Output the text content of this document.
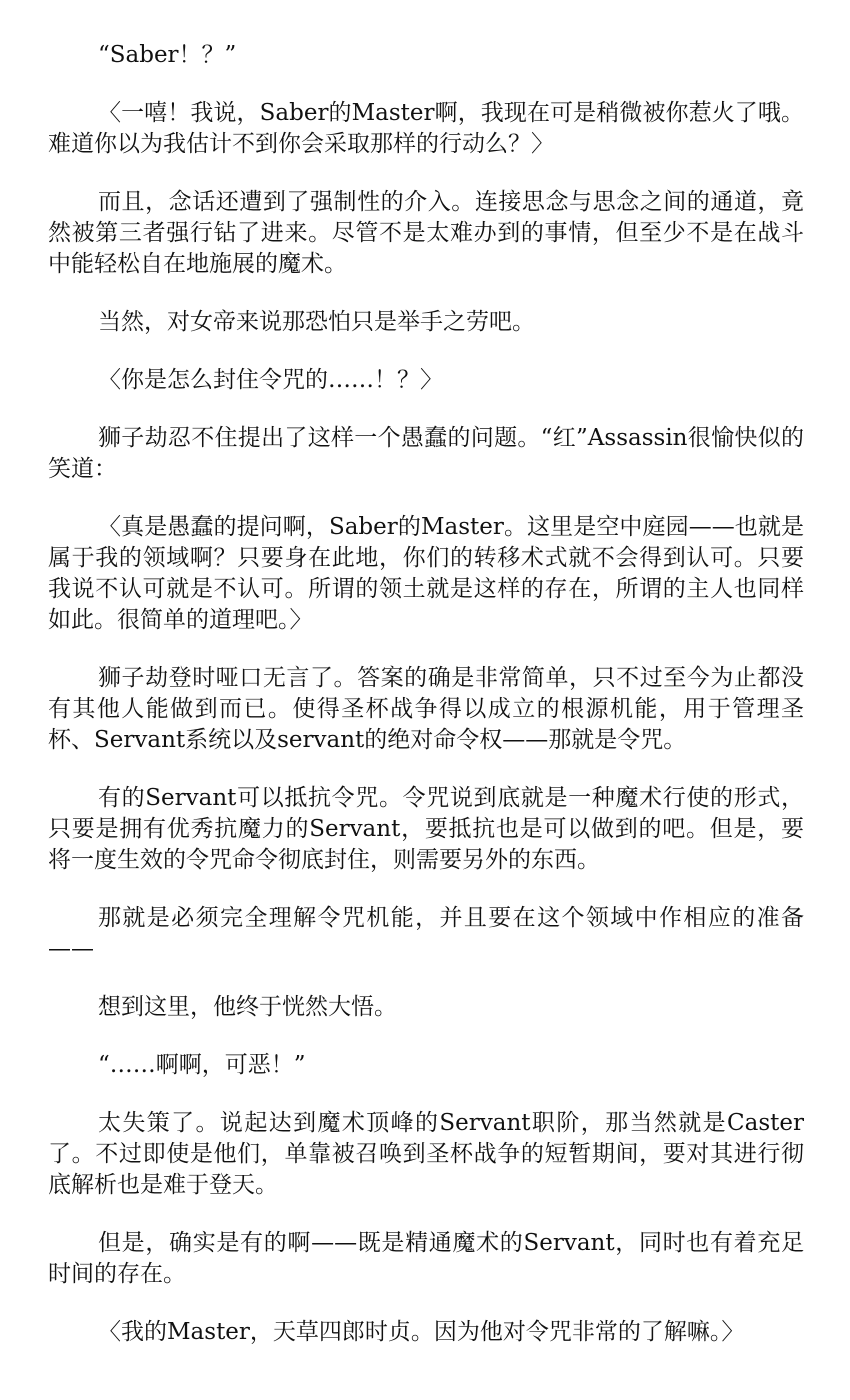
“Saber！？”

〈一嘻！我说，Saber的Master啊，我现在可是稍微被你惹火了哦。难道你以为我估计不到你会采取那样的行动么？〉

而且，念话还遭到了强制性的介入。连接思念与思念之间的通道，竟然被第三者强行钻了进来。尽管不是太难办到的事情，但至少不是在战斗中能轻松自在地施展的魔术。

当然，对女帝来说那恐怕只是举手之劳吧。

〈你是怎么封住令咒的……！？〉

狮子劫忍不住提出了这样一个愚蠢的问题。“红”Assassin很愉快似的笑道：

〈真是愚蠢的提问啊，Saber的Master。这里是空中庭园——也就是属于我的领域啊？只要身在此地，你们的转移术式就不会得到认可。只要我说不认可就是不认可。所谓的领土就是这样的存在，所谓的主人也同样如此。很简单的道理吧。〉

狮子劫登时哑口无言了。答案的确是非常简单，只不过至今为止都没有其他人能做到而已。使得圣杯战争得以成立的根源机能，用于管理圣杯、Servant系统以及servant的绝对命令权——那就是令咒。

有的Servant可以抵抗令咒。令咒说到底就是一种魔术行使的形式，只要是拥有优秀抗魔力的Servant，要抵抗也是可以做到的吧。但是，要将一度生效的令咒命令彻底封住，则需要另外的东西。

那就是必须完全理解令咒机能，并且要在这个领域中作相应的准备——

想到这里，他终于恍然大悟。

“……啊啊，可恶！”

太失策了。说起达到魔术顶峰的Servant职阶，那当然就是Caster了。不过即使是他们，单靠被召唤到圣杯战争的短暂期间，要对其进行彻底解析也是难于登天。

但是，确实是有的啊——既是精通魔术的Servant，同时也有着充足时间的存在。

〈我的Master，天草四郎时贞。因为他对令咒非常的了解嘛。〉
